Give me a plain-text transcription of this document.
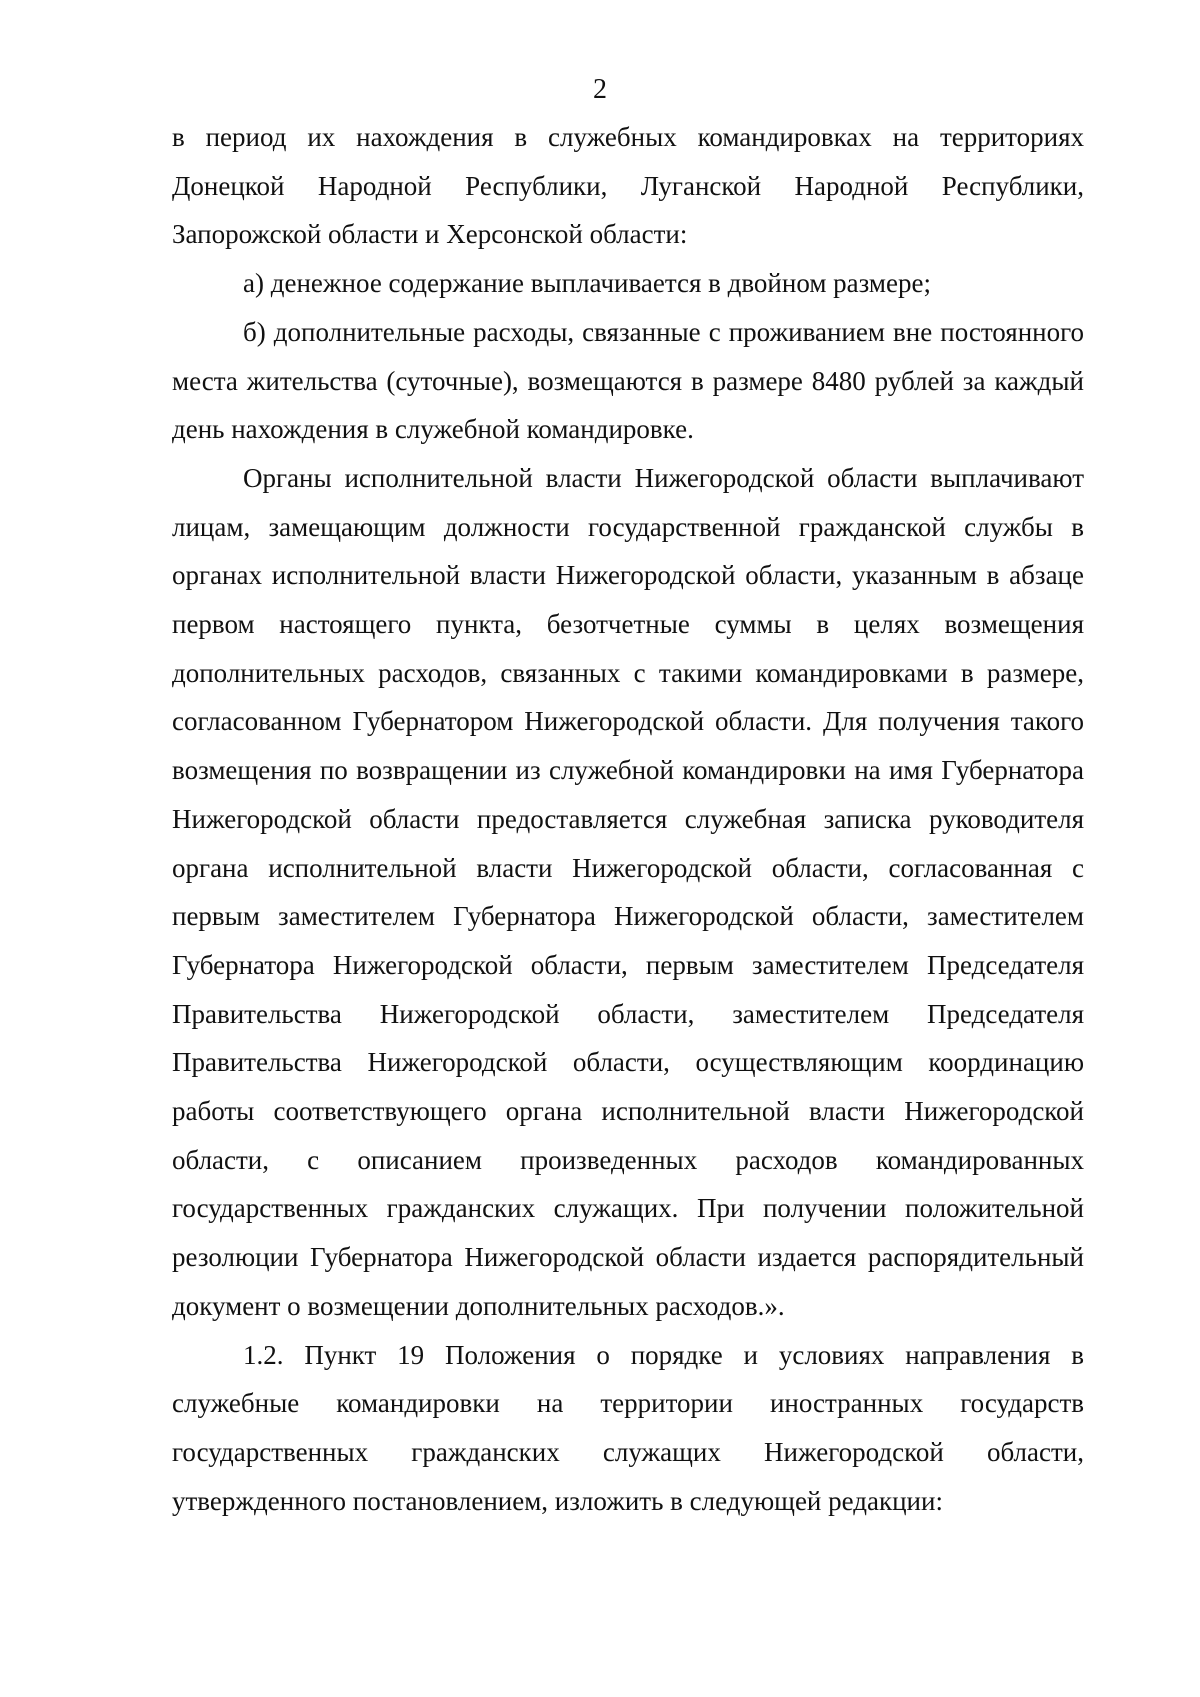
2

в период их нахождения в служебных командировках на территориях Донецкой Народной Республики, Луганской Народной Республики, Запорожской области и Херсонской области:

а) денежное содержание выплачивается в двойном размере;

б) дополнительные расходы, связанные с проживанием вне постоянного места жительства (суточные), возмещаются в размере 8480 рублей за каждый день нахождения в служебной командировке.

Органы исполнительной власти Нижегородской области выплачивают лицам, замещающим должности государственной гражданской службы в органах исполнительной власти Нижегородской области, указанным в абзаце первом настоящего пункта, безотчетные суммы в целях возмещения дополнительных расходов, связанных с такими командировками в размере, согласованном Губернатором Нижегородской области. Для получения такого возмещения по возвращении из служебной командировки на имя Губернатора Нижегородской области предоставляется служебная записка руководителя органа исполнительной власти Нижегородской области, согласованная с первым заместителем Губернатора Нижегородской области, заместителем Губернатора Нижегородской области, первым заместителем Председателя Правительства Нижегородской области, заместителем Председателя Правительства Нижегородской области, осуществляющим координацию работы соответствующего органа исполнительной власти Нижегородской области, с описанием произведенных расходов командированных государственных гражданских служащих. При получении положительной резолюции Губернатора Нижегородской области издается распорядительный документ о возмещении дополнительных расходов.».

1.2. Пункт 19 Положения о порядке и условиях направления в служебные командировки на территории иностранных государств государственных гражданских служащих Нижегородской области, утвержденного постановлением, изложить в следующей редакции:
